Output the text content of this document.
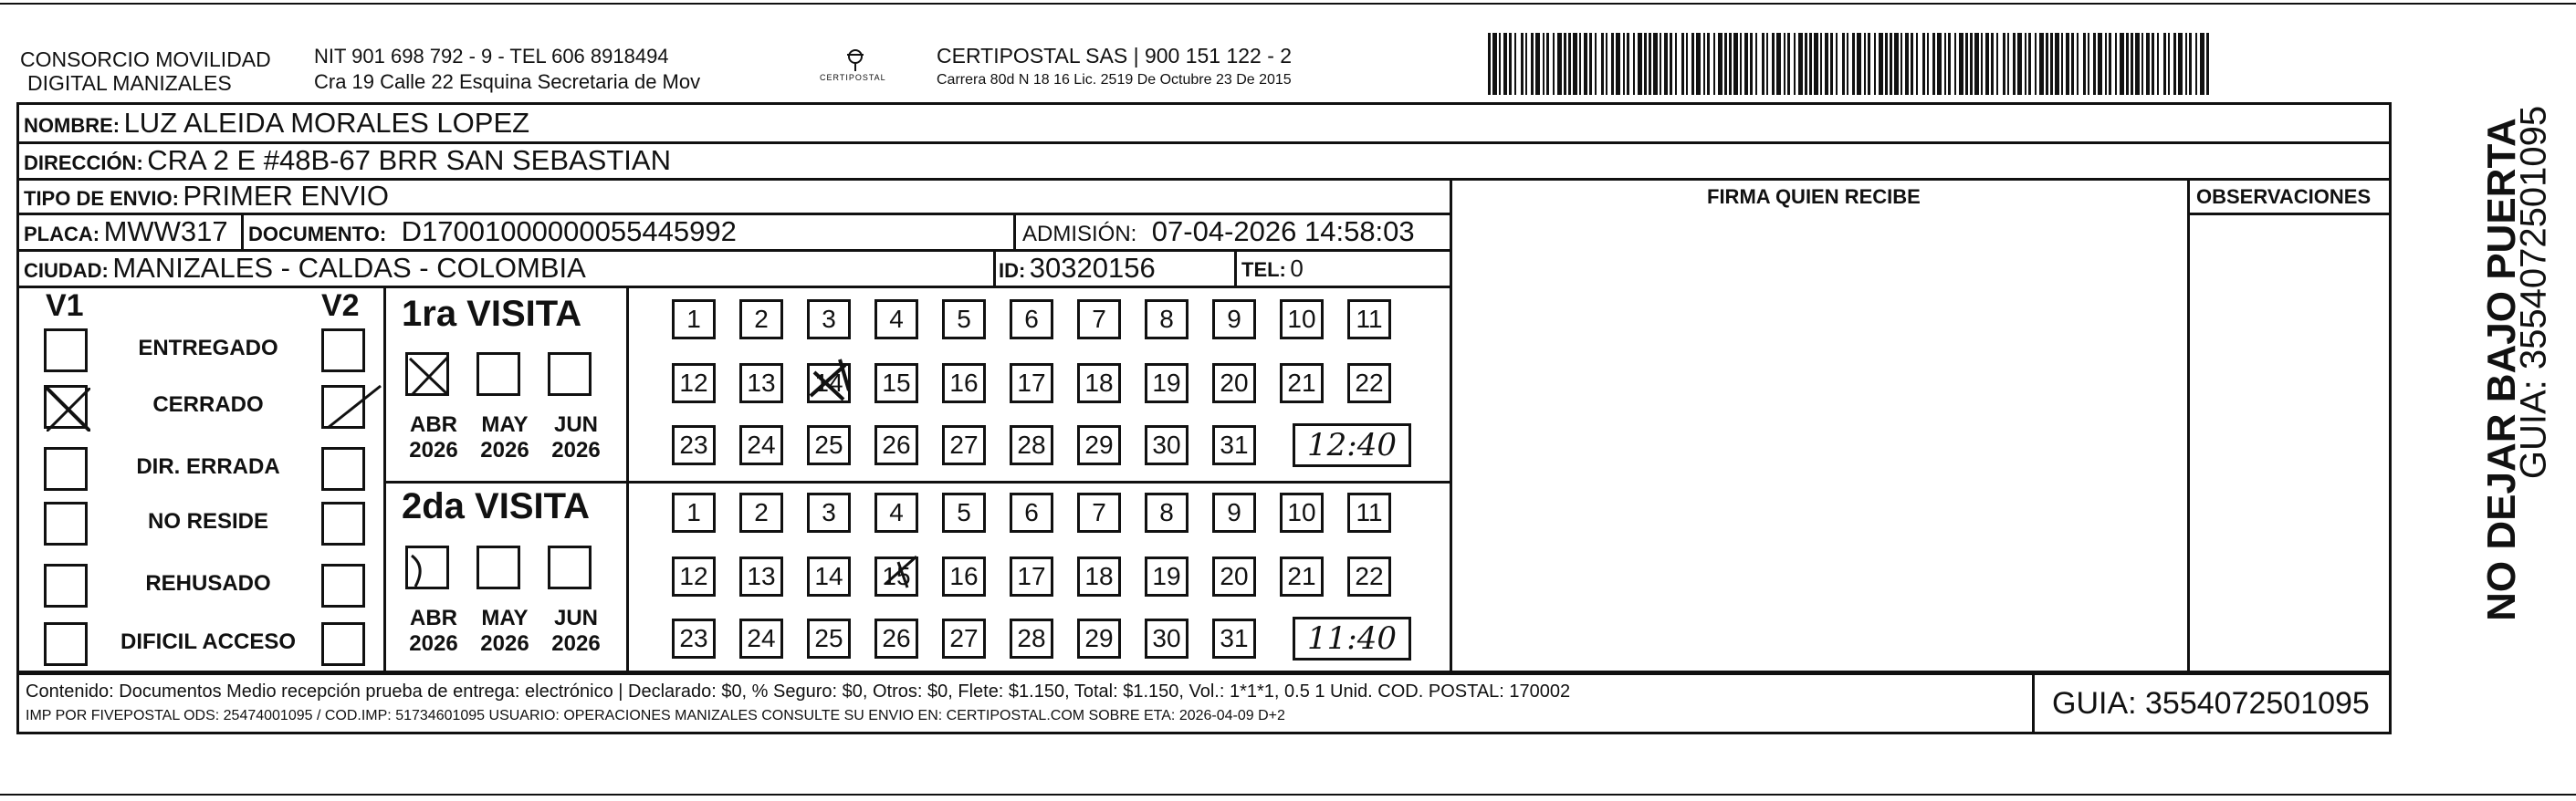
CONSORCIO MOVILIDAD
DIGITAL MANIZALES
NIT 901 698 792 - 9 - TEL 606 8918494
Cra 19 Calle 22 Esquina Secretaria de Mov	CERTIPOSTAL
CERTIPOSTAL SAS | 900 151 122 - 2
Carrera 80d N 18 16 Lic. 2519 De Octubre 23 De 2015
FIRMA QUIEN RECIBE	OBSERVACIONES
NOMBRE: LUZ ALEIDA MORALES LOPEZ
DIRECCIÓN: CRA 2 E #48B-67 BRR SAN SEBASTIAN
TIPO DE ENVIO: PRIMER ENVIO
PLACA: MWW317 DOCUMENTO: D17001000000055445992	ADMISIÓN: 07-04-2026 14:58:03
CIUDAD: MANIZALES - CALDAS - COLOMBIA	ID: 30320156	TEL: 0
V1	V2
ENTREGADO
CERRADO
DIR. ERRADA
NO RESIDE
REHUSADO
DIFICIL ACCESO
1ra VISITA
2da VISITA
ABR
2026
MAY
2026
JUN
2026
ABR
2026
MAY
2026
JUN
2026
1	2	3	4	5	6	7	8	9	10	11
12	13	14	15	16	17	18	19	20	21	22
23	24	25	26	27	28	29	30	31	12:40
1	2	3	4	5	6	7	8	9	10	11
12	13	14	15	16	17	18	19	20	21	22
23	24	25	26	27	28	29	30	31	11:40
Contenido: Documentos Medio recepción prueba de entrega: electrónico | Declarado: $0, % Seguro: $0, Otros: $0, Flete: $1.150, Total: $1.150, Vol.: 1*1*1, 0.5 1 Unid. COD. POSTAL: 170002
IMP POR FIVEPOSTAL ODS: 25474001095 / COD.IMP: 51734601095 USUARIO: OPERACIONES MANIZALES CONSULTE SU ENVIO EN: CERTIPOSTAL.COM SOBRE ETA: 2026-04-09 D+2	GUIA: 3554072501095
NO DEJAR BAJO PUERTA
GUIA: 3554072501095
